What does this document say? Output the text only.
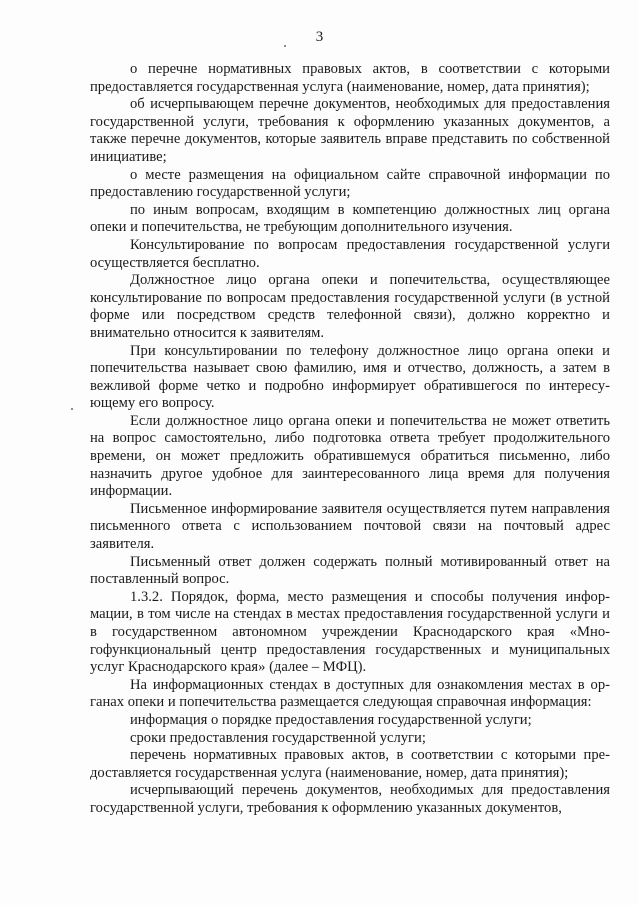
3

о перечне нормативных правовых актов, в соответствии с которыми предоставляется государственная услуга (наименование, номер, дата принятия);

об исчерпывающем перечне документов, необходимых для предоставления государственной услуги, требования к оформлению указанных документов, а также перечне документов, которые заявитель вправе представить по собственной инициативе;

о месте размещения на официальном сайте справочной информации по предоставлению государственной услуги;

по иным вопросам, входящим в компетенцию должностных лиц органа опеки и попечительства, не требующим дополнительного изучения.

Консультирование по вопросам предоставления государственной услуги осуществляется бесплатно.

Должностное лицо органа опеки и попечительства, осуществляющее консультирование по вопросам предоставления государственной услуги (в устной форме или посредством средств телефонной связи), должно корректно и внимательно относится к заявителям.

При консультировании по телефону должностное лицо органа опеки и попечительства называет свою фамилию, имя и отчество, должность, а затем в вежливой форме четко и подробно информирует обратившегося по интересующему его вопросу.

Если должностное лицо органа опеки и попечительства не может ответить на вопрос самостоятельно, либо подготовка ответа требует продолжительного времени, он может предложить обратившемуся обратиться письменно, либо назначить другое удобное для заинтересованного лица время для получения информации.

Письменное информирование заявителя осуществляется путем направления письменного ответа с использованием почтовой связи на почтовый адрес заявителя.

Письменный ответ должен содержать полный мотивированный ответ на поставленный вопрос.

1.3.2. Порядок, форма, место размещения и способы получения информации, в том числе на стендах в местах предоставления государственной услуги и в государственном автономном учреждении Краснодарского края «Многофункциональный центр предоставления государственных и муниципальных услуг Краснодарского края» (далее – МФЦ).

На информационных стендах в доступных для ознакомления местах в органах опеки и попечительства размещается следующая справочная информация:

информация о порядке предоставления государственной услуги;

сроки предоставления государственной услуги;

перечень нормативных правовых актов, в соответствии с которыми предоставляется государственная услуга (наименование, номер, дата принятия);

исчерпывающий перечень документов, необходимых для предоставления государственной услуги, требования к оформлению указанных документов,
